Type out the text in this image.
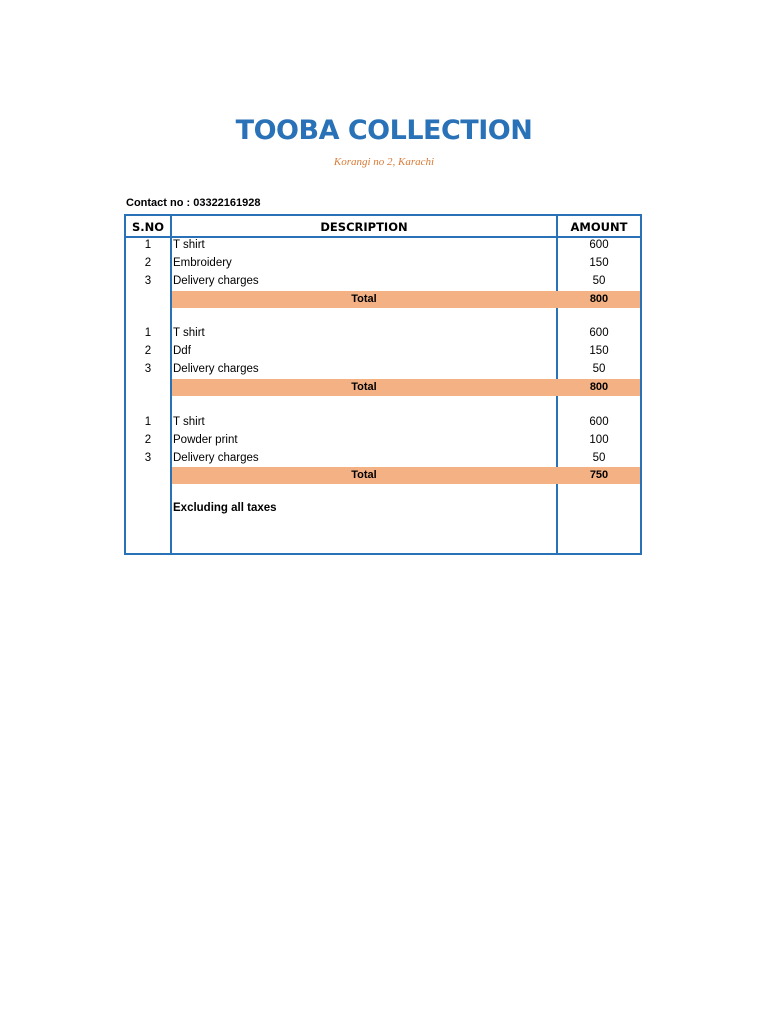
TOOBA COLLECTION
Korangi no 2, Karachi
Contact no : 03322161928
S.NO	DESCRIPTION	AMOUNT
1	T shirt	600
2	Embroidery	150
3	Delivery charges	50
Total	800
1	T shirt	600
2	Ddf	150
3	Delivery charges	50
Total	800
1	T shirt	600
2	Powder print	100
3	Delivery charges	50
Total	750
Excluding all taxes
